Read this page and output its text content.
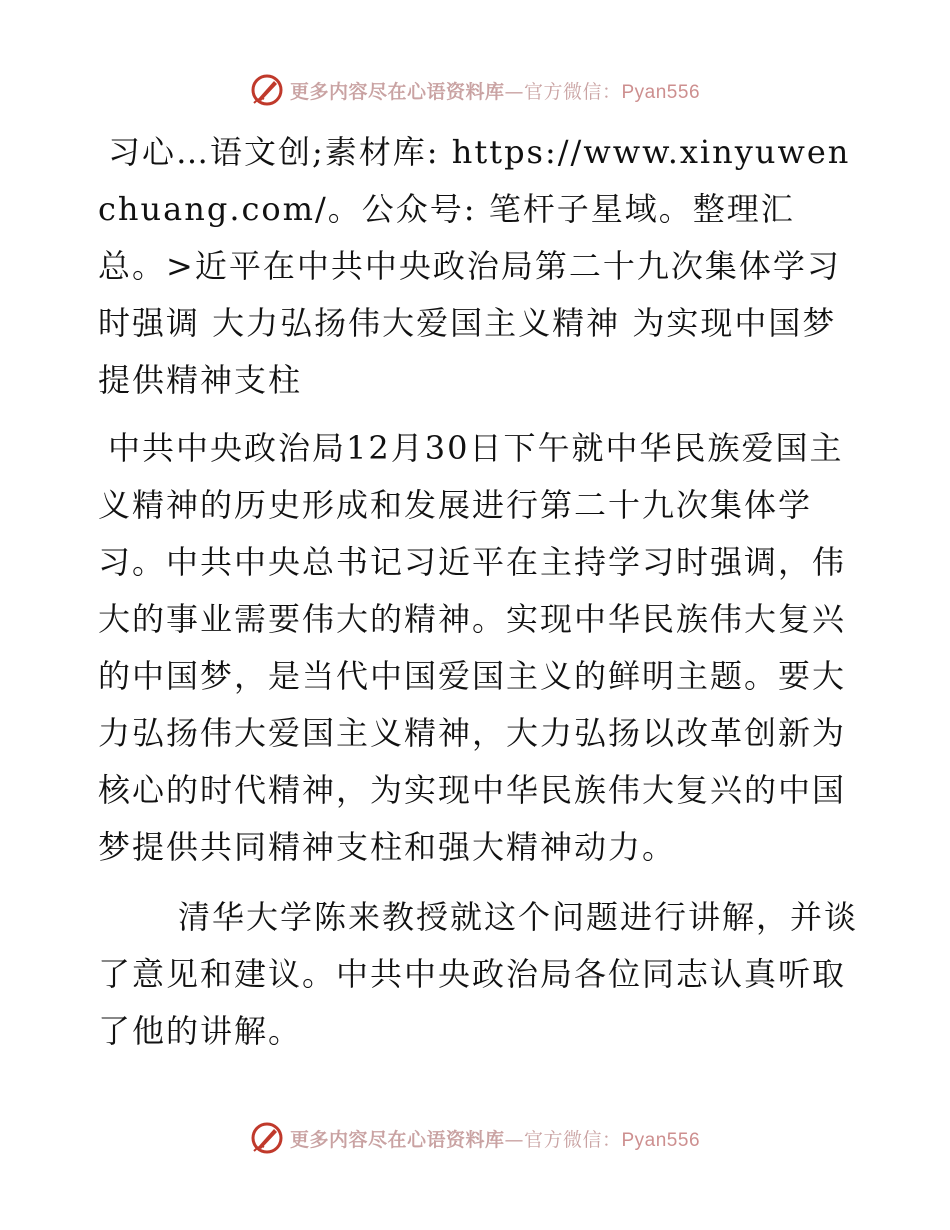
更多内容尽在心语资料库—官方微信：Pyan556

习心…语文创;素材库: https://www.xinyuwenchuang.com/。公众号: 笔杆子星域。整理汇总。>近平在中共中央政治局第二十九次集体学习时强调 大力弘扬伟大爱国主义精神 为实现中国梦提供精神支柱

中共中央政治局12月30日下午就中华民族爱国主义精神的历史形成和发展进行第二十九次集体学习。中共中央总书记习近平在主持学习时强调，伟大的事业需要伟大的精神。实现中华民族伟大复兴的中国梦，是当代中国爱国主义的鲜明主题。要大力弘扬伟大爱国主义精神，大力弘扬以改革创新为核心的时代精神，为实现中华民族伟大复兴的中国梦提供共同精神支柱和强大精神动力。

清华大学陈来教授就这个问题进行讲解，并谈了意见和建议。中共中央政治局各位同志认真听取了他的讲解。

更多内容尽在心语资料库—官方微信：Pyan556
